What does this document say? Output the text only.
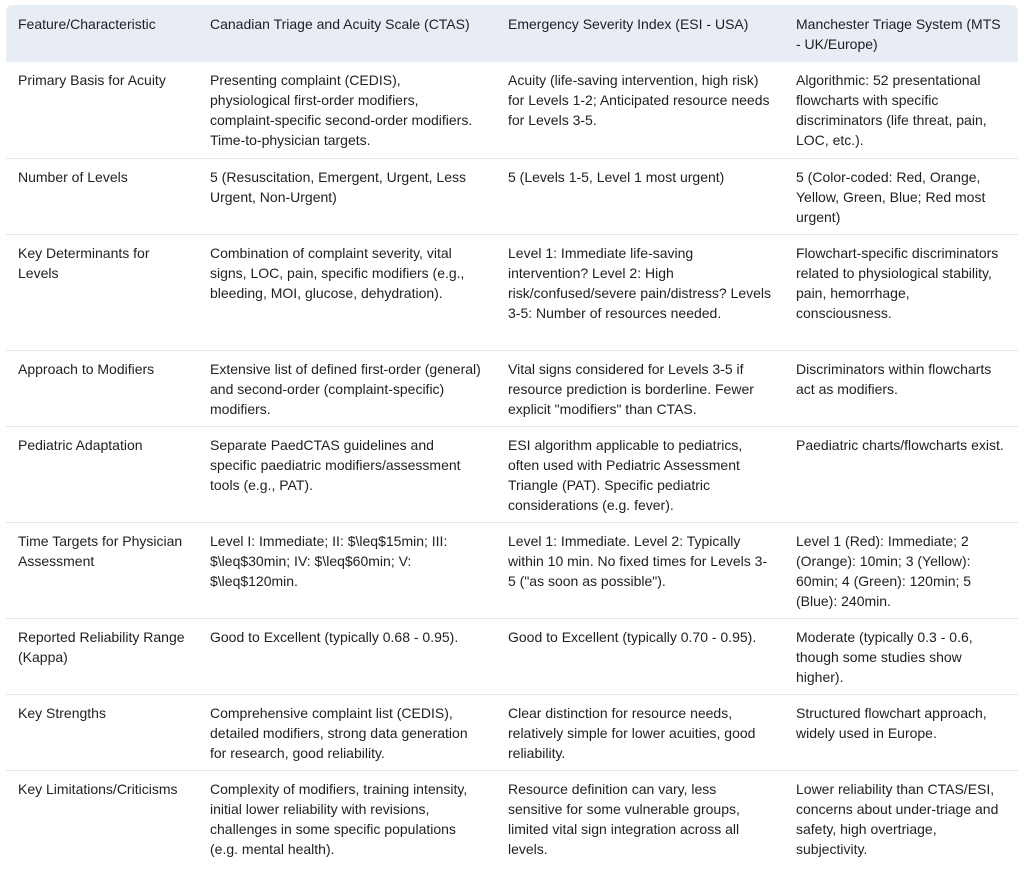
Feature/Characteristic	Canadian Triage and Acuity Scale (CTAS)	Emergency Severity Index (ESI - USA)	Manchester Triage System (MTS - UK/Europe)
Primary Basis for Acuity	Presenting complaint (CEDIS), physiological first-order modifiers, complaint-specific second-order modifiers. Time-to-physician targets.	Acuity (life-saving intervention, high risk) for Levels 1-2; Anticipated resource needs for Levels 3-5.	Algorithmic: 52 presentational flowcharts with specific discriminators (life threat, pain, LOC, etc.).
Number of Levels	5 (Resuscitation, Emergent, Urgent, Less Urgent, Non-Urgent)	5 (Levels 1-5, Level 1 most urgent)	5 (Color-coded: Red, Orange, Yellow, Green, Blue; Red most urgent)
Key Determinants for Levels	Combination of complaint severity, vital signs, LOC, pain, specific modifiers (e.g., bleeding, MOI, glucose, dehydration).	Level 1: Immediate life-saving intervention? Level 2: High risk/confused/severe pain/distress? Levels 3-5: Number of resources needed.	Flowchart-specific discriminators related to physiological stability, pain, hemorrhage, consciousness.
Approach to Modifiers	Extensive list of defined first-order (general) and second-order (complaint-specific) modifiers.	Vital signs considered for Levels 3-5 if resource prediction is borderline. Fewer explicit "modifiers" than CTAS.	Discriminators within flowcharts act as modifiers.
Pediatric Adaptation	Separate PaedCTAS guidelines and specific paediatric modifiers/assessment tools (e.g., PAT).	ESI algorithm applicable to pediatrics, often used with Pediatric Assessment Triangle (PAT). Specific pediatric considerations (e.g. fever).	Paediatric charts/flowcharts exist.
Time Targets for Physician Assessment	Level I: Immediate; II: $\leq$15min; III: $\leq$30min; IV: $\leq$60min; V: $\leq$120min.	Level 1: Immediate. Level 2: Typically within 10 min. No fixed times for Levels 3-5 ("as soon as possible").	Level 1 (Red): Immediate; 2 (Orange): 10min; 3 (Yellow): 60min; 4 (Green): 120min; 5 (Blue): 240min.
Reported Reliability Range (Kappa)	Good to Excellent (typically 0.68 - 0.95).	Good to Excellent (typically 0.70 - 0.95).	Moderate (typically 0.3 - 0.6, though some studies show higher).
Key Strengths	Comprehensive complaint list (CEDIS), detailed modifiers, strong data generation for research, good reliability.	Clear distinction for resource needs, relatively simple for lower acuities, good reliability.	Structured flowchart approach, widely used in Europe.
Key Limitations/Criticisms	Complexity of modifiers, training intensity, initial lower reliability with revisions, challenges in some specific populations (e.g. mental health).	Resource definition can vary, less sensitive for some vulnerable groups, limited vital sign integration across all levels.	Lower reliability than CTAS/ESI, concerns about under-triage and safety, high overtriage, subjectivity.
